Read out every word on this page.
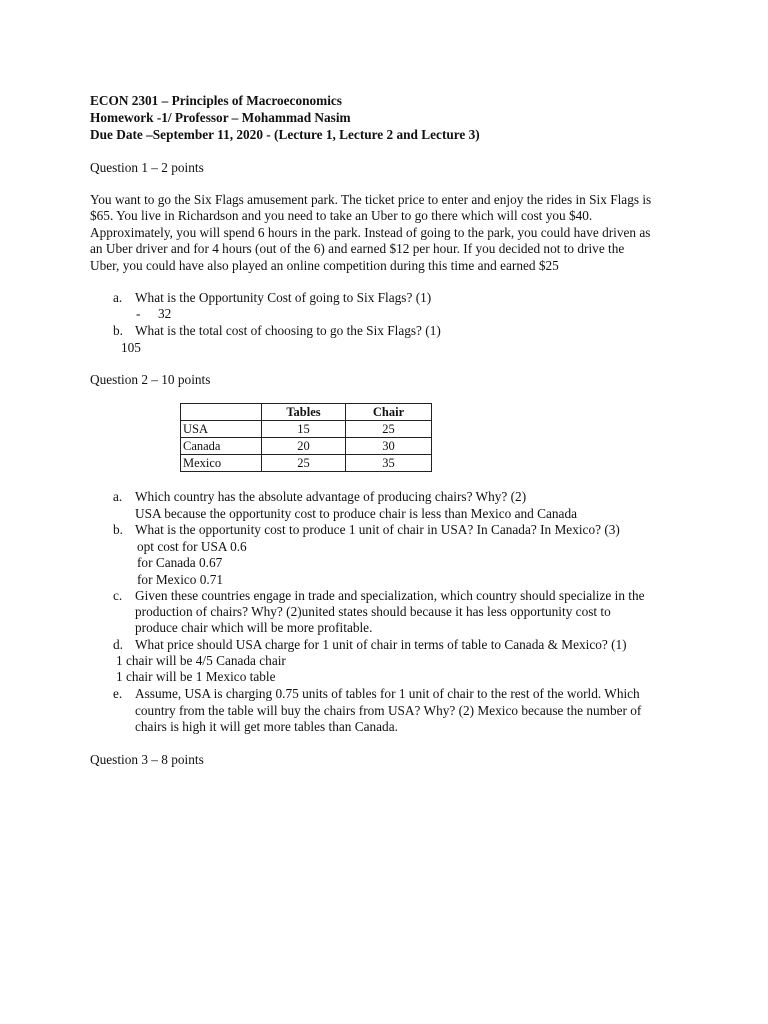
ECON 2301 – Principles of Macroeconomics
Homework -1/ Professor – Mohammad Nasim
Due Date –September 11, 2020 - (Lecture 1, Lecture 2 and Lecture 3)
Question 1 – 2 points
You want to go the Six Flags amusement park. The ticket price to enter and enjoy the rides in Six Flags is
$65. You live in Richardson and you need to take an Uber to go there which will cost you $40.
Approximately, you will spend 6 hours in the park. Instead of going to the park, you could have driven as
an Uber driver and for 4 hours (out of the 6) and earned $12 per hour. If you decided not to drive the
Uber, you could have also played an online competition during this time and earned $25
a. What is the Opportunity Cost of going to Six Flags? (1)
- 32
b. What is the total cost of choosing to go the Six Flags? (1)
105
Question 2 – 10 points
	Tables	Chair
USA	15	25
Canada	20	30
Mexico	25	35
a. Which country has the absolute advantage of producing chairs? Why? (2)
USA because the opportunity cost to produce chair is less than Mexico and Canada
b. What is the opportunity cost to produce 1 unit of chair in USA? In Canada? In Mexico? (3)
opt cost for USA 0.6
for Canada 0.67
for Mexico 0.71
c. Given these countries engage in trade and specialization, which country should specialize in the
production of chairs? Why? (2)united states should because it has less opportunity cost to
produce chair which will be more profitable.
d. What price should USA charge for 1 unit of chair in terms of table to Canada & Mexico? (1)
1 chair will be 4/5 Canada chair
1 chair will be 1 Mexico table
e. Assume, USA is charging 0.75 units of tables for 1 unit of chair to the rest of the world. Which
country from the table will buy the chairs from USA? Why? (2) Mexico because the number of
chairs is high it will get more tables than Canada.
Question 3 – 8 points
